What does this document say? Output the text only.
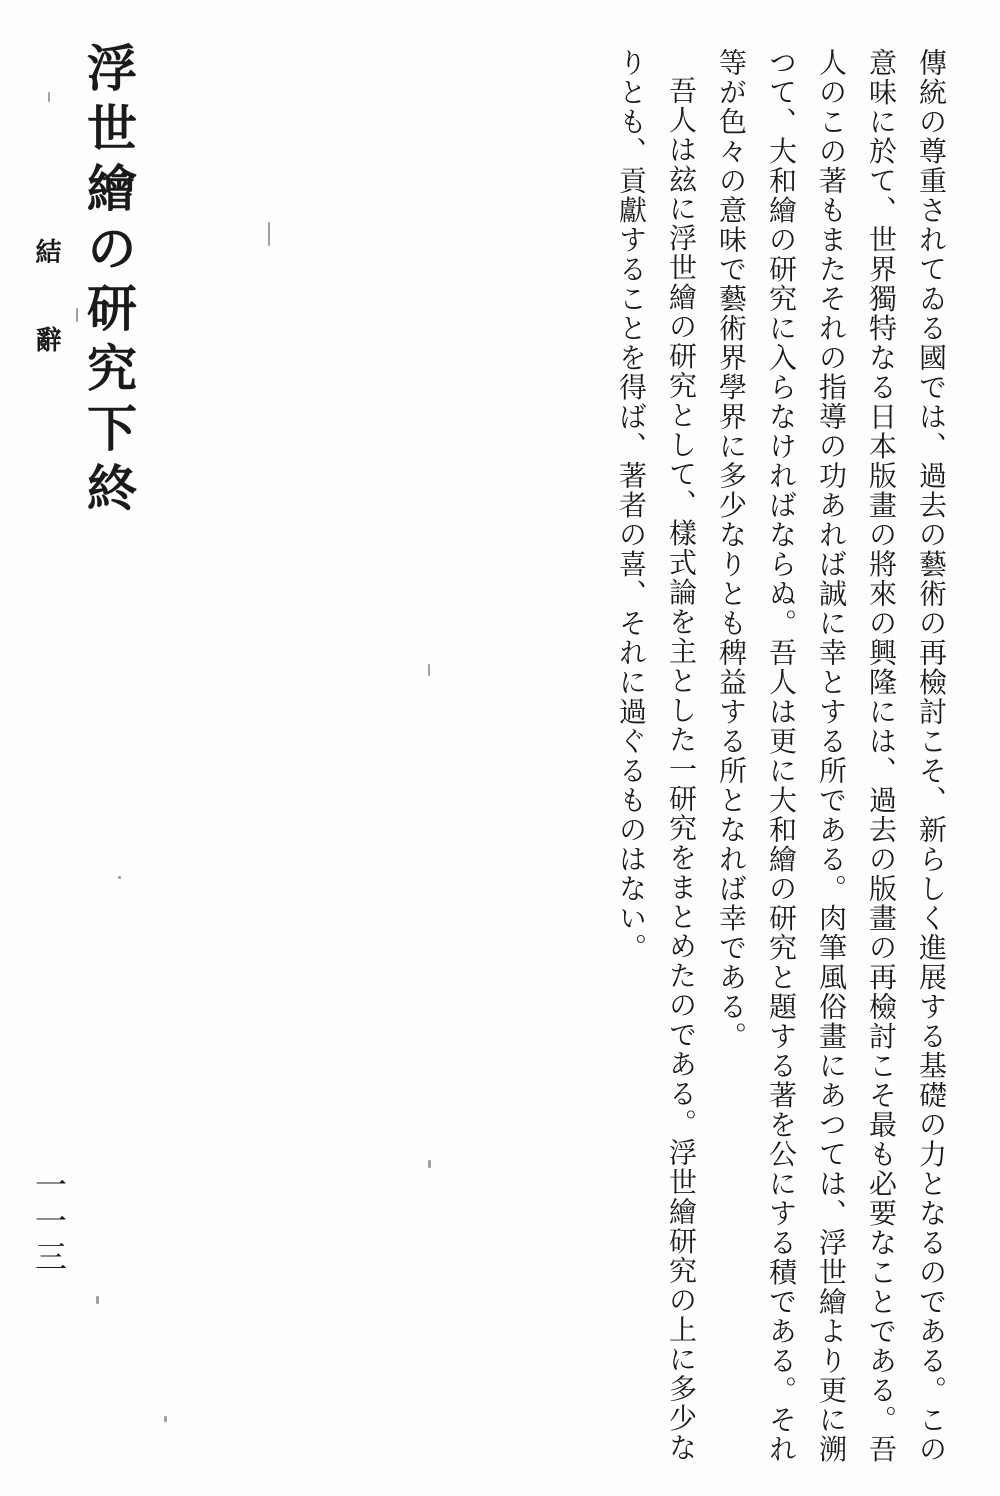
浮世繪の研究下終
結辭	傳統の尊重されてゐる國では、過去の藝術の再檢討こそ、新らしく進展する基礎の力となるのである。この意味に於て、世界獨特なる日本版畫の將來の興隆には、過去の版畫の再檢討こそ最も必要なことである。吾人のこの著もまたそれの指導の功あれば誠に幸とする所である。肉筆風俗畫にあつては、浮世繪より更に溯つて、大和繪の研究に入らなければならぬ。吾人は更に大和繪の研究と題する著を公にする積である。それ等が色々の意味で藝術界學界に多少なりとも稗益する所となれば幸である。

吾人は玆に浮世繪の研究として、樣式論を主とした一研究をまとめたのである。浮世繪研究の上に多少なりとも、貢獻することを得ば、著者の喜、それに過ぐるものはない。

一一三
